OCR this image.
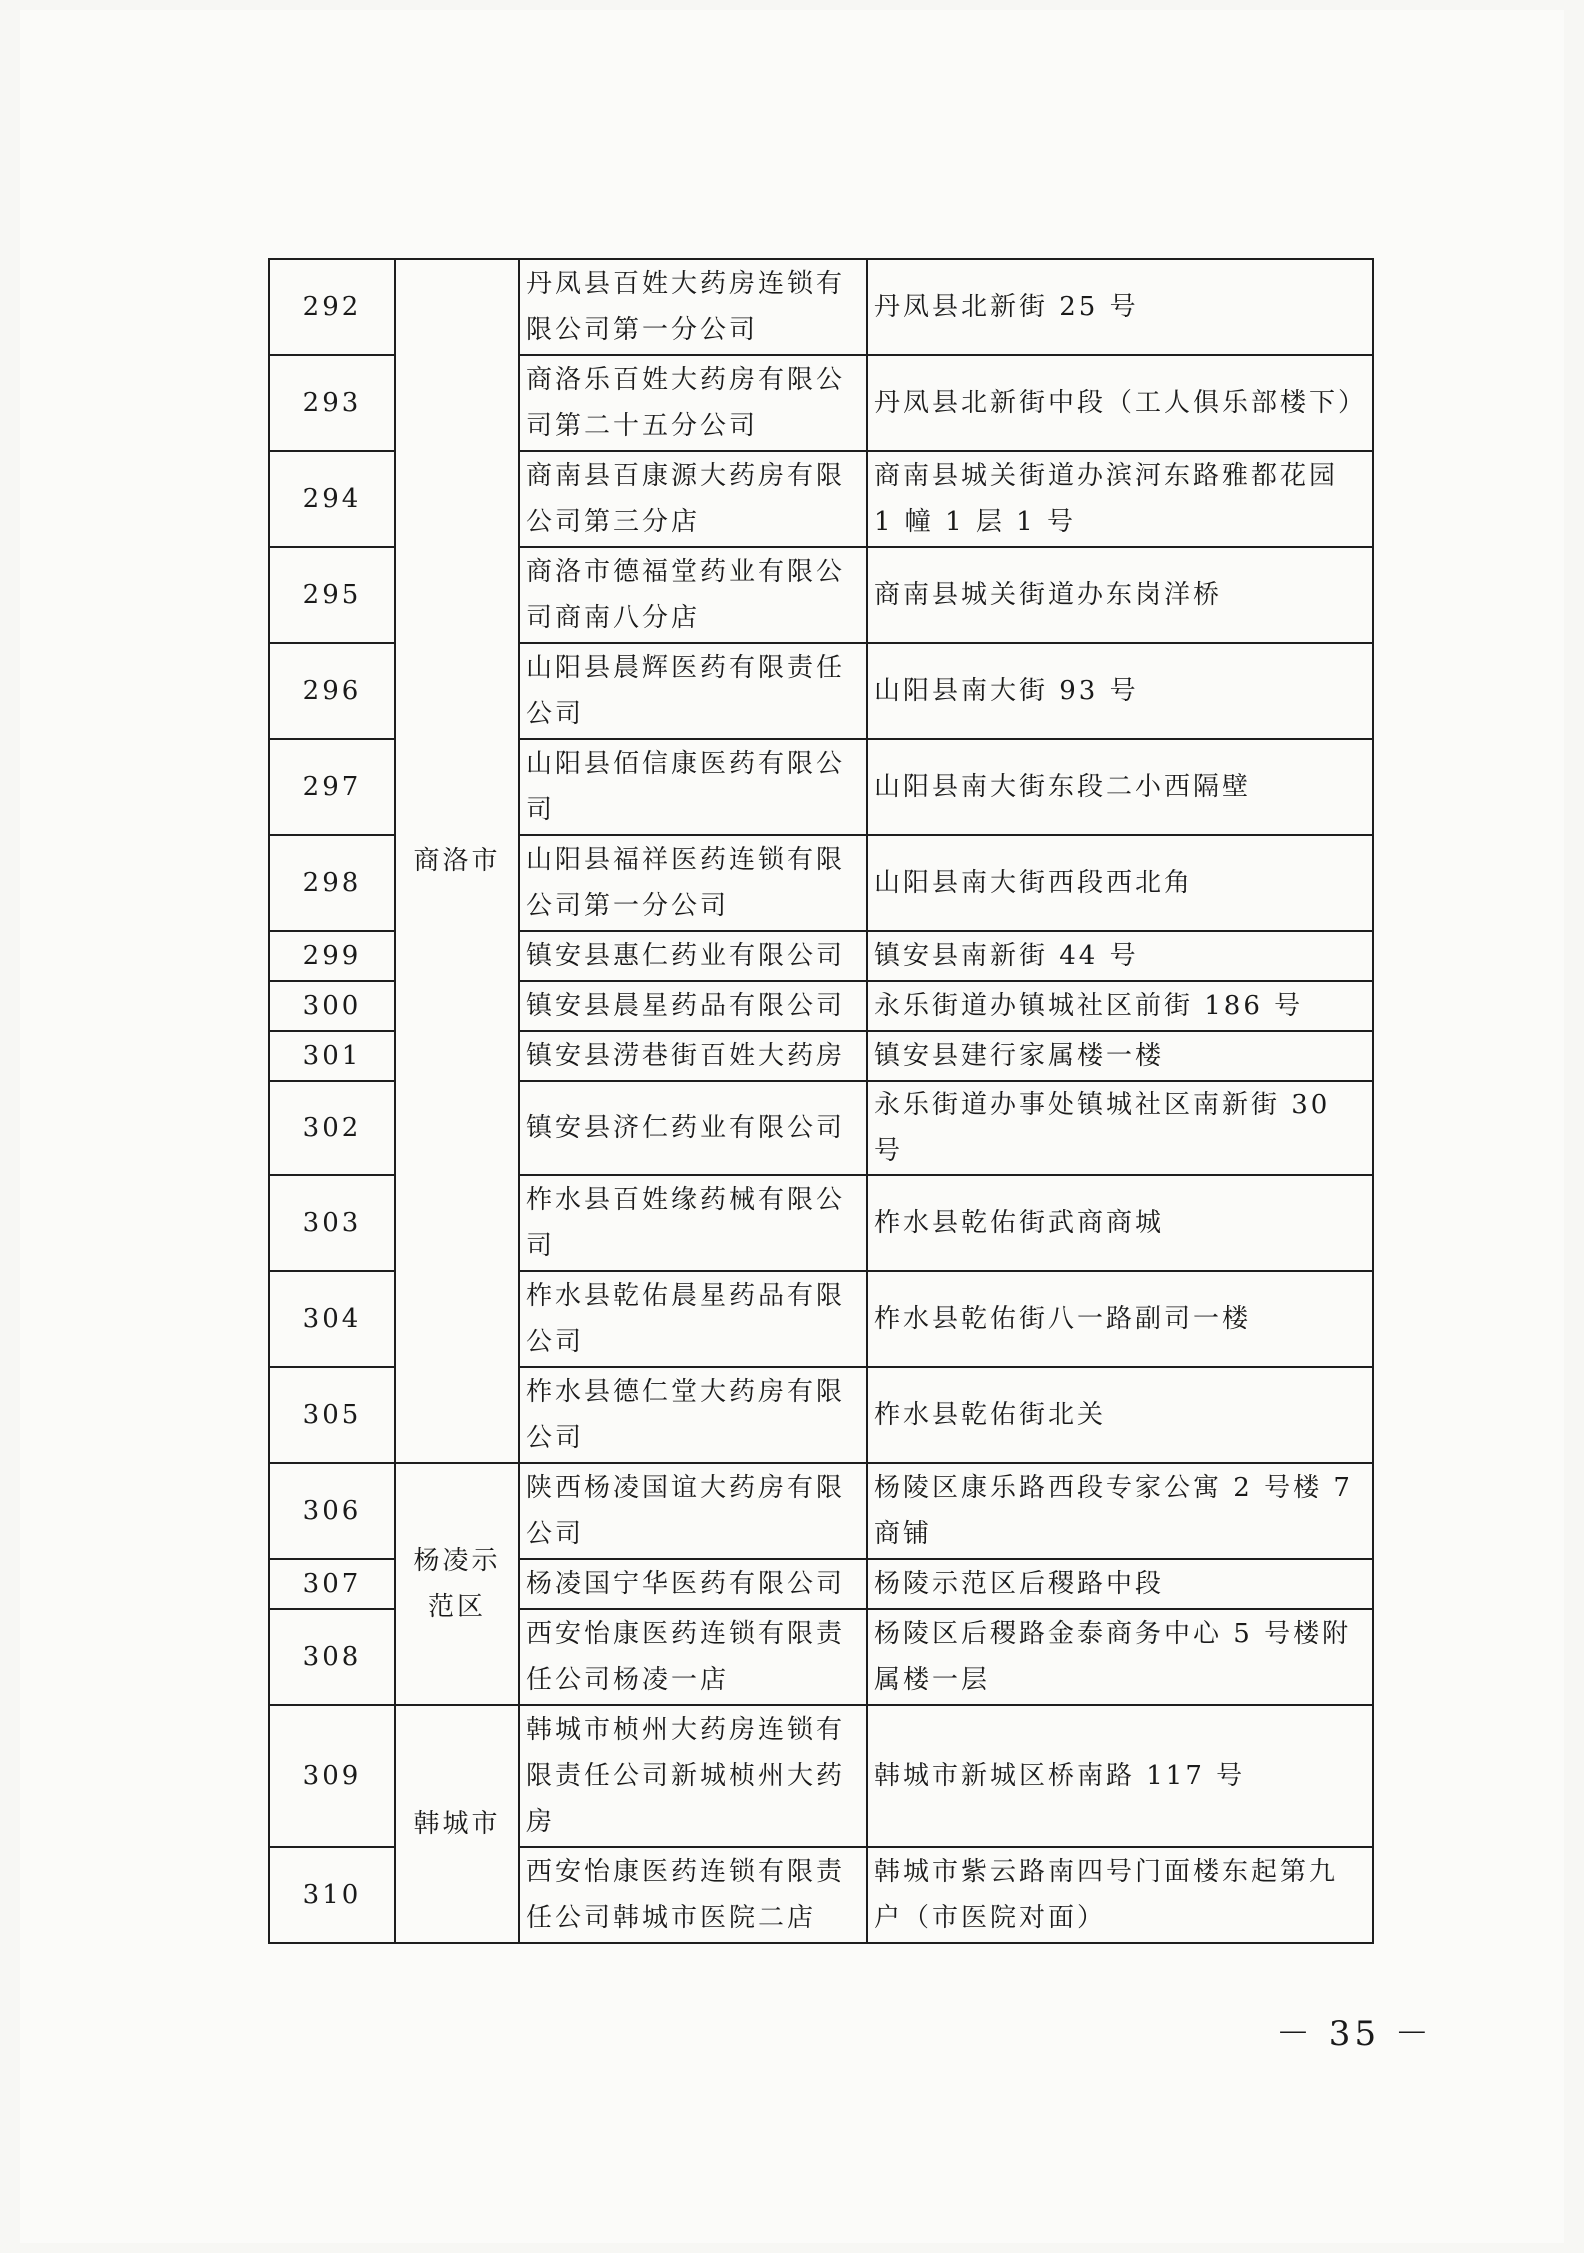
292	商洛市	丹凤县百姓大药房连锁有限公司第一分公司	丹凤县北新街 25 号
293		商洛乐百姓大药房有限公司第二十五分公司	丹凤县北新街中段（工人俱乐部楼下）
294		商南县百康源大药房有限公司第三分店	商南县城关街道办滨河东路雅都花园 1 幢 1 层 1 号
295		商洛市德福堂药业有限公司商南八分店	商南县城关街道办东岗洋桥
296		山阳县晨辉医药有限责任公司	山阳县南大街 93 号
297		山阳县佰信康医药有限公司	山阳县南大街东段二小西隔壁
298		山阳县福祥医药连锁有限公司第一分公司	山阳县南大街西段西北角
299		镇安县惠仁药业有限公司	镇安县南新街 44 号
300		镇安县晨星药品有限公司	永乐街道办镇城社区前街 186 号
301		镇安县涝巷街百姓大药房	镇安县建行家属楼一楼
302		镇安县济仁药业有限公司	永乐街道办事处镇城社区南新街 30 号
303		柞水县百姓缘药械有限公司	柞水县乾佑街武商商城
304		柞水县乾佑晨星药品有限公司	柞水县乾佑街八一路副司一楼
305		柞水县德仁堂大药房有限公司	柞水县乾佑街北关
306	杨凌示范区	陕西杨凌国谊大药房有限公司	杨陵区康乐路西段专家公寓 2 号楼 7 商铺
307		杨凌国宁华医药有限公司	杨陵示范区后稷路中段
308		西安怡康医药连锁有限责任公司杨凌一店	杨陵区后稷路金泰商务中心 5 号楼附属楼一层
309	韩城市	韩城市桢州大药房连锁有限责任公司新城桢州大药房	韩城市新城区桥南路 117 号
310		西安怡康医药连锁有限责任公司韩城市医院二店	韩城市紫云路南四号门面楼东起第九户（市医院对面）
－ 35 －
